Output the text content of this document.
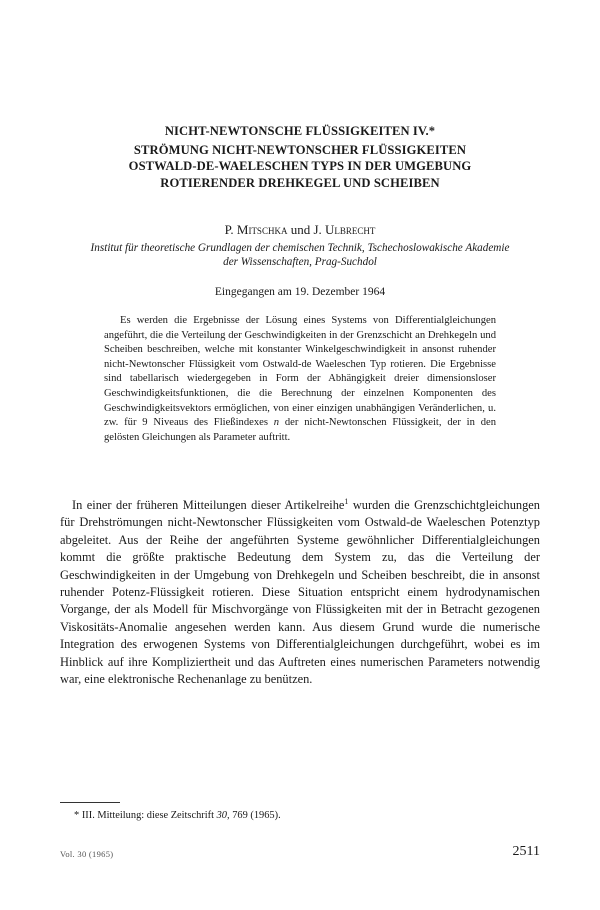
NICHT-NEWTONSCHE FLÜSSIGKEITEN IV.*
STRÖMUNG NICHT-NEWTONSCHER FLÜSSIGKEITEN
OSTWALD-DE-WAELESCHEN TYPS IN DER UMGEBUNG
ROTIERENDER DREHKEGEL UND SCHEIBEN
P. Mitschka und J. Ulbrecht
Institut für theoretische Grundlagen der chemischen Technik, Tschechoslowakische Akademie
der Wissenschaften, Prag-Suchdol
Eingegangen am 19. Dezember 1964

Es werden die Ergebnisse der Lösung eines Systems von Differentialgleichungen angeführt, die die Verteilung der Geschwindigkeiten in der Grenzschicht an Drehkegeln und Scheiben beschreiben, welche mit konstanter Winkelgeschwindigkeit in ansonst ruhender nicht-Newtonscher Flüssigkeit vom Ostwald-de Waeleschen Typ rotieren. Die Ergebnisse sind tabellarisch wiedergegeben in Form der Abhängigkeit dreier dimensionsloser Geschwindigkeitsfunktionen, die die Berechnung der einzelnen Komponenten des Geschwindigkeitsvektors ermöglichen, von einer einzigen unabhängigen Veränderlichen, u. zw. für 9 Niveaus des Fließindexes n der nicht-Newtonschen Flüssigkeit, der in den gelösten Gleichungen als Parameter auftritt.

In einer der früheren Mitteilungen dieser Artikelreihe$^1$ wurden die Grenzschichtgleichungen für Drehströmungen nicht-Newtonscher Flüssigkeiten vom Ostwald-de Waeleschen Potenztyp abgeleitet. Aus der Reihe der angeführten Systeme gewöhnlicher Differentialgleichungen kommt die größte praktische Bedeutung dem System zu, das die Verteilung der Geschwindigkeiten in der Umgebung von Drehkegeln und Scheiben beschreibt, die in ansonst ruhender Potenz-Flüssigkeit rotieren. Diese Situation entspricht einem hydrodynamischen Vorgange, der als Modell für Mischvorgänge von Flüssigkeiten mit der in Betracht gezogenen Viskositäts-Anomalie angesehen werden kann. Aus diesem Grund wurde die numerische Integration des erwogenen Systems von Differentialgleichungen durchgeführt, wobei es im Hinblick auf ihre Kompliziertheit und das Auftreten eines numerischen Parameters notwendig war, eine elektronische Rechenanlage zu benützen.

* III. Mitteilung: diese Zeitschrift 30, 769 (1965).
Vol. 30 (1965)	2511
